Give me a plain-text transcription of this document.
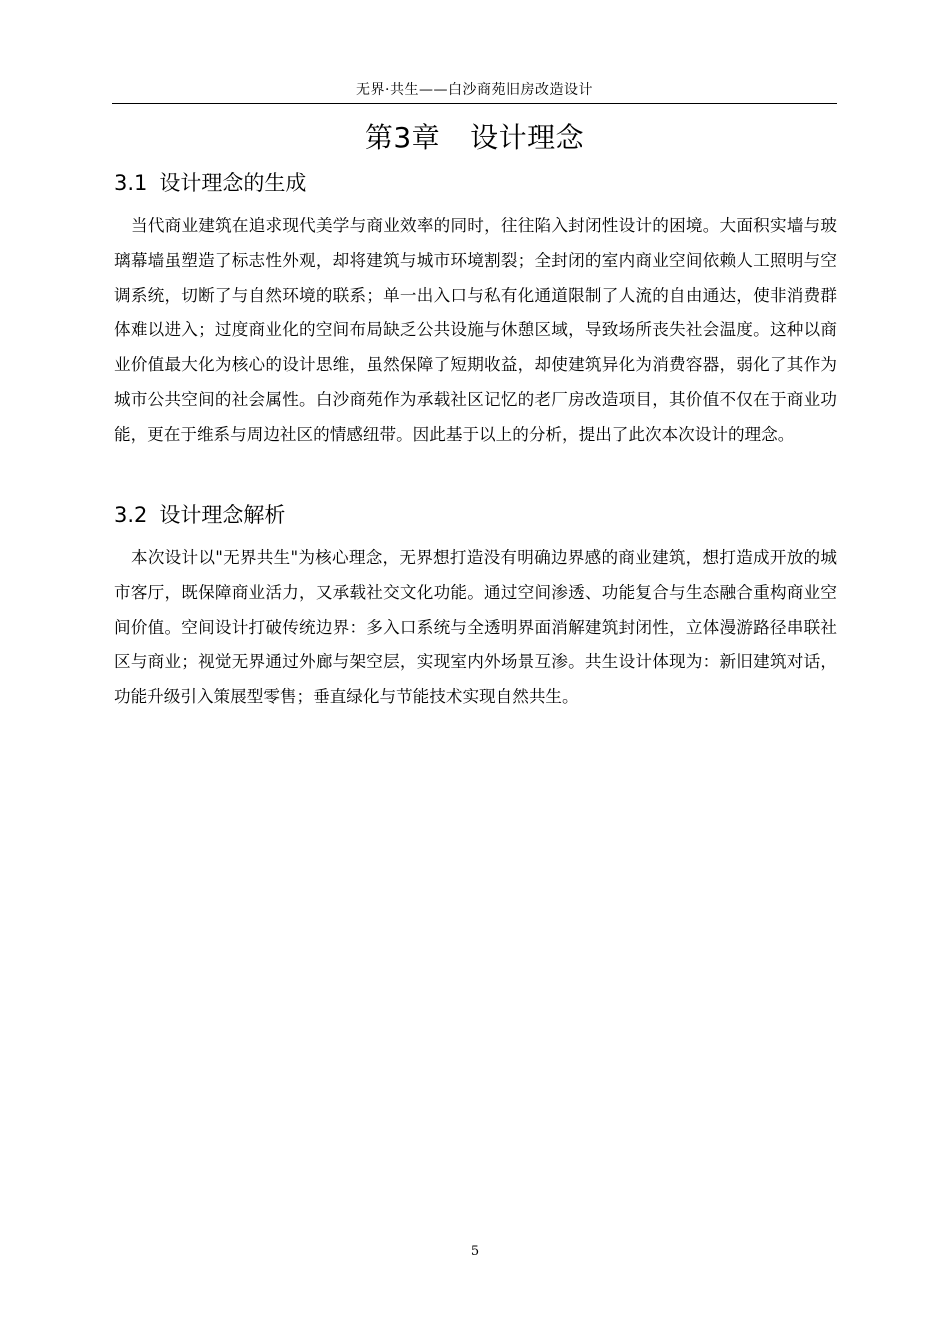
无界·共生——白沙商苑旧房改造设计
第3章 设计理念
3.1 设计理念的生成
当代商业建筑在追求现代美学与商业效率的同时，往往陷入封闭性设计的困境。大面积实墙与玻璃幕墙虽塑造了标志性外观，却将建筑与城市环境割裂；全封闭的室内商业空间依赖人工照明与空调系统，切断了与自然环境的联系；单一出入口与私有化通道限制了人流的自由通达，使非消费群体难以进入；过度商业化的空间布局缺乏公共设施与休憩区域，导致场所丧失社会温度。这种以商业价值最大化为核心的设计思维，虽然保障了短期收益，却使建筑异化为消费容器，弱化了其作为城市公共空间的社会属性。白沙商苑作为承载社区记忆的老厂房改造项目，其价值不仅在于商业功能，更在于维系与周边社区的情感纽带。因此基于以上的分析，提出了此次本次设计的理念。
3.2 设计理念解析
本次设计以"无界共生"为核心理念，无界想打造没有明确边界感的商业建筑，想打造成开放的城市客厅，既保障商业活力，又承载社交文化功能。通过空间渗透、功能复合与生态融合重构商业空间价值。空间设计打破传统边界：多入口系统与全透明界面消解建筑封闭性，立体漫游路径串联社区与商业；视觉无界通过外廊与架空层，实现室内外场景互渗。共生设计体现为：新旧建筑对话，功能升级引入策展型零售；垂直绿化与节能技术实现自然共生。
5
